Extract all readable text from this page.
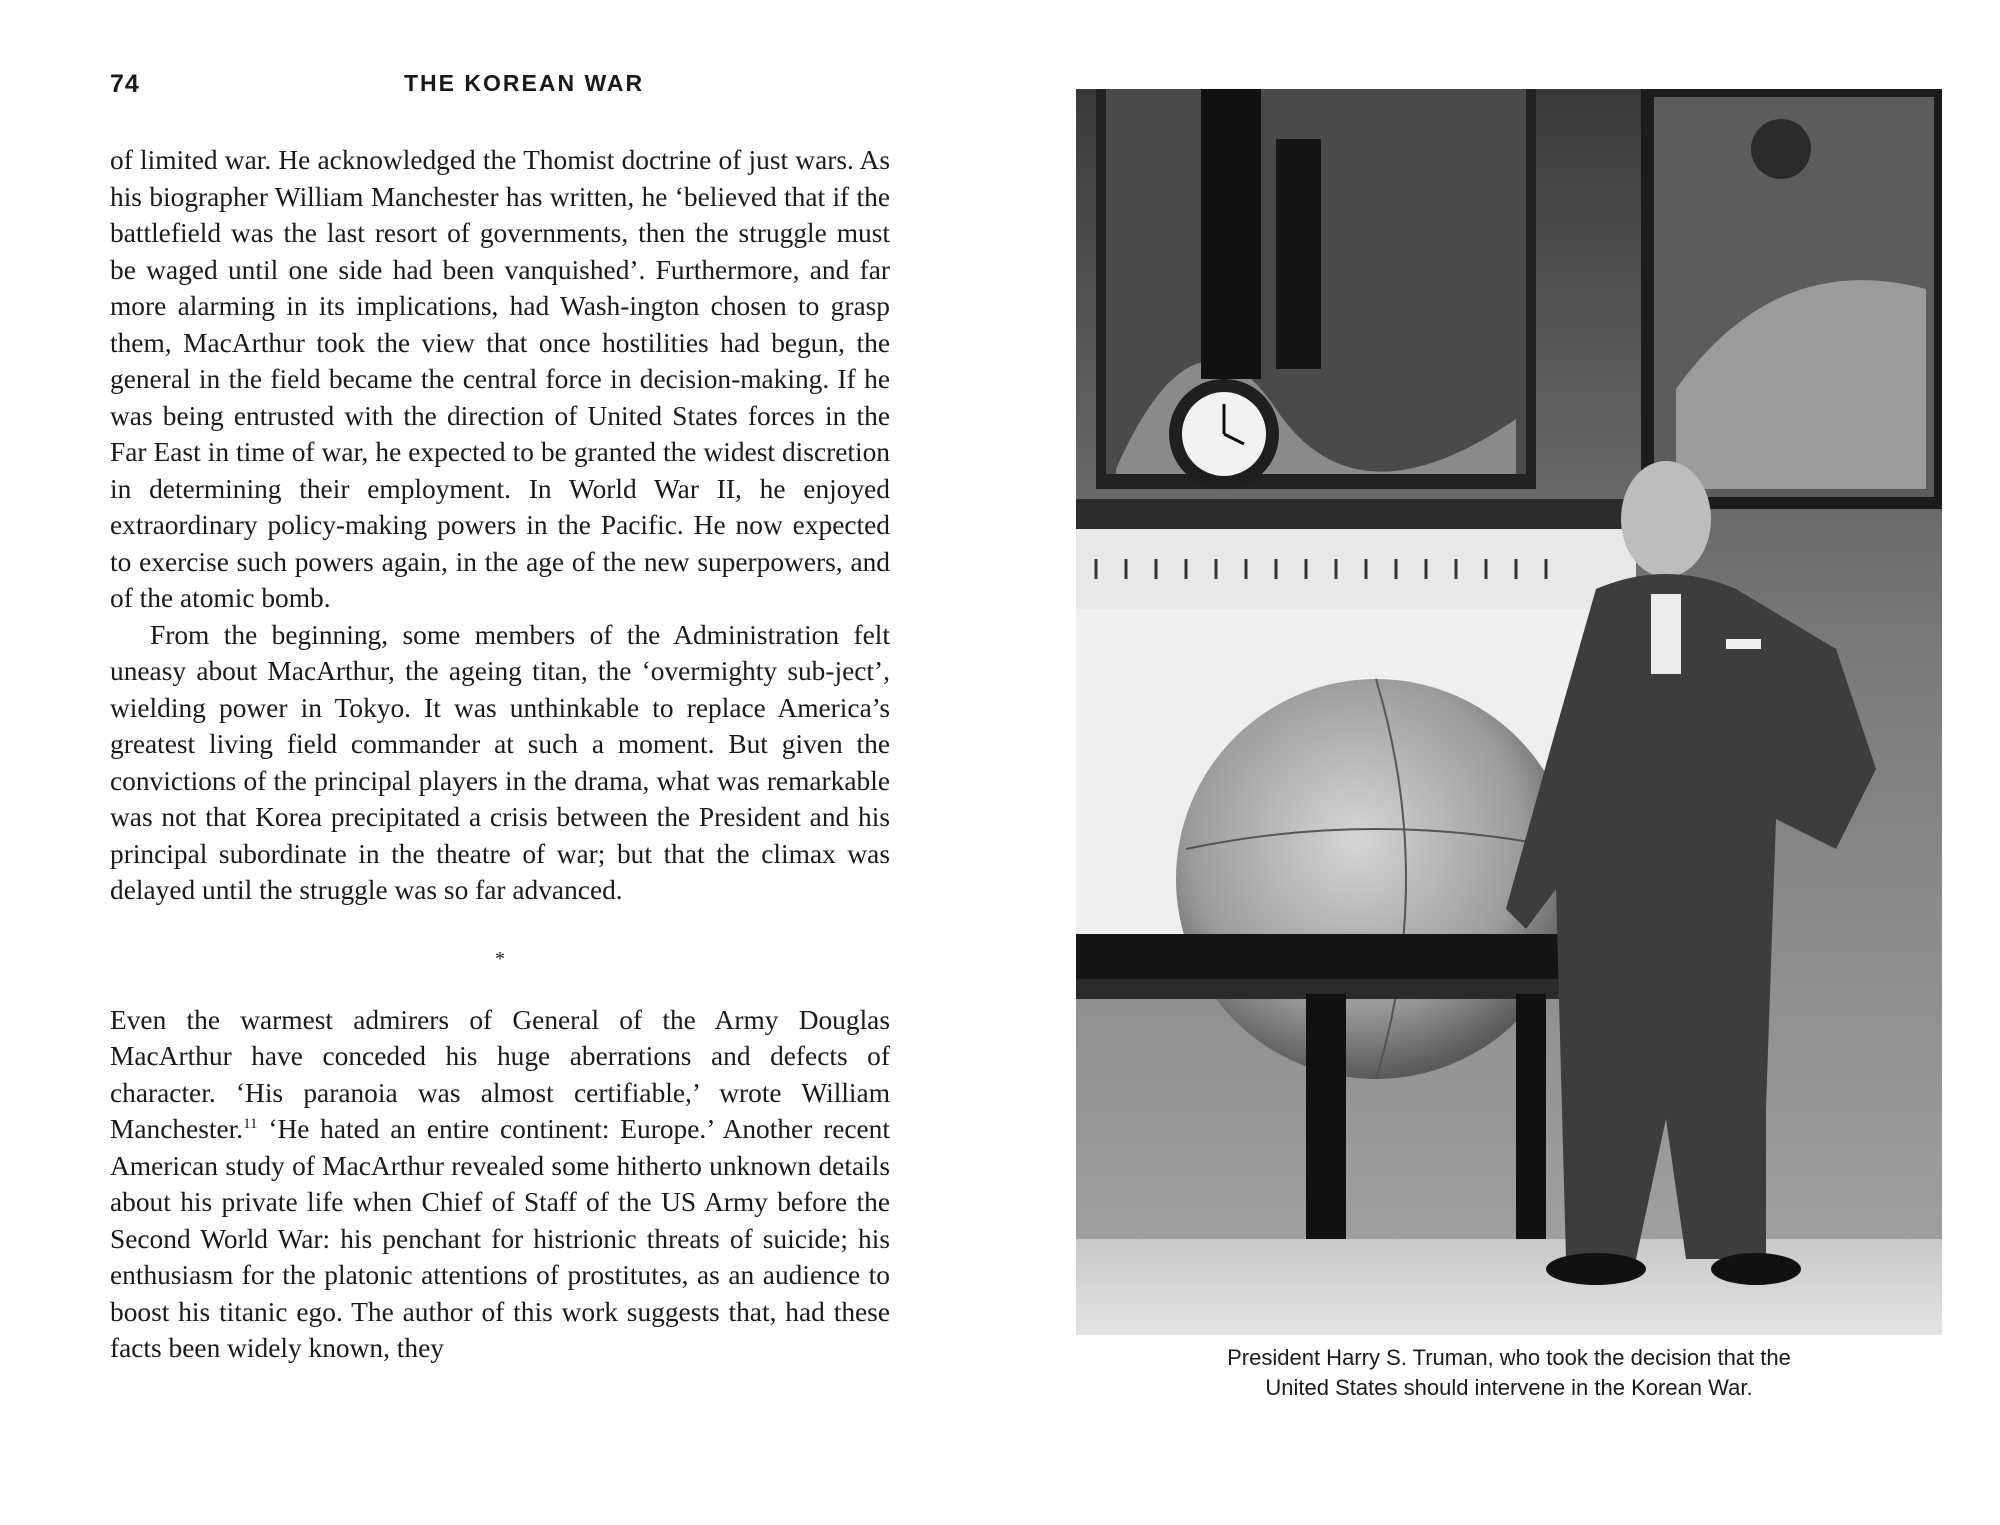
74	THE KOREAN WAR

of limited war. He acknowledged the Thomist doctrine of just wars. As his biographer William Manchester has written, he ‘believed that if the battlefield was the last resort of governments, then the struggle must be waged until one side had been vanquished’. Furthermore, and far more alarming in its implications, had Wash-ington chosen to grasp them, MacArthur took the view that once hostilities had begun, the general in the field became the central force in decision-making. If he was being entrusted with the direction of United States forces in the Far East in time of war, he expected to be granted the widest discretion in determining their employment. In World War II, he enjoyed extraordinary policy-making powers in the Pacific. He now expected to exercise such powers again, in the age of the new superpowers, and of the atomic bomb.

From the beginning, some members of the Administration felt uneasy about MacArthur, the ageing titan, the ‘overmighty sub-ject’, wielding power in Tokyo. It was unthinkable to replace America’s greatest living field commander at such a moment. But given the convictions of the principal players in the drama, what was remarkable was not that Korea precipitated a crisis between the President and his principal subordinate in the theatre of war; but that the climax was delayed until the struggle was so far advanced.

*

Even the warmest admirers of General of the Army Douglas MacArthur have conceded his huge aberrations and defects of character. ‘His paranoia was almost certifiable,’ wrote William Manchester.$^{11}$ ‘He hated an entire continent: Europe.’ Another recent American study of MacArthur revealed some hitherto unknown details about his private life when Chief of Staff of the US Army before the Second World War: his penchant for histrionic threats of suicide; his enthusiasm for the platonic attentions of prostitutes, as an audience to boost his titanic ego. The author of this work suggests that, had these facts been widely known, they	President Harry S. Truman, who took the decision that the
United States should intervene in the Korean War.
